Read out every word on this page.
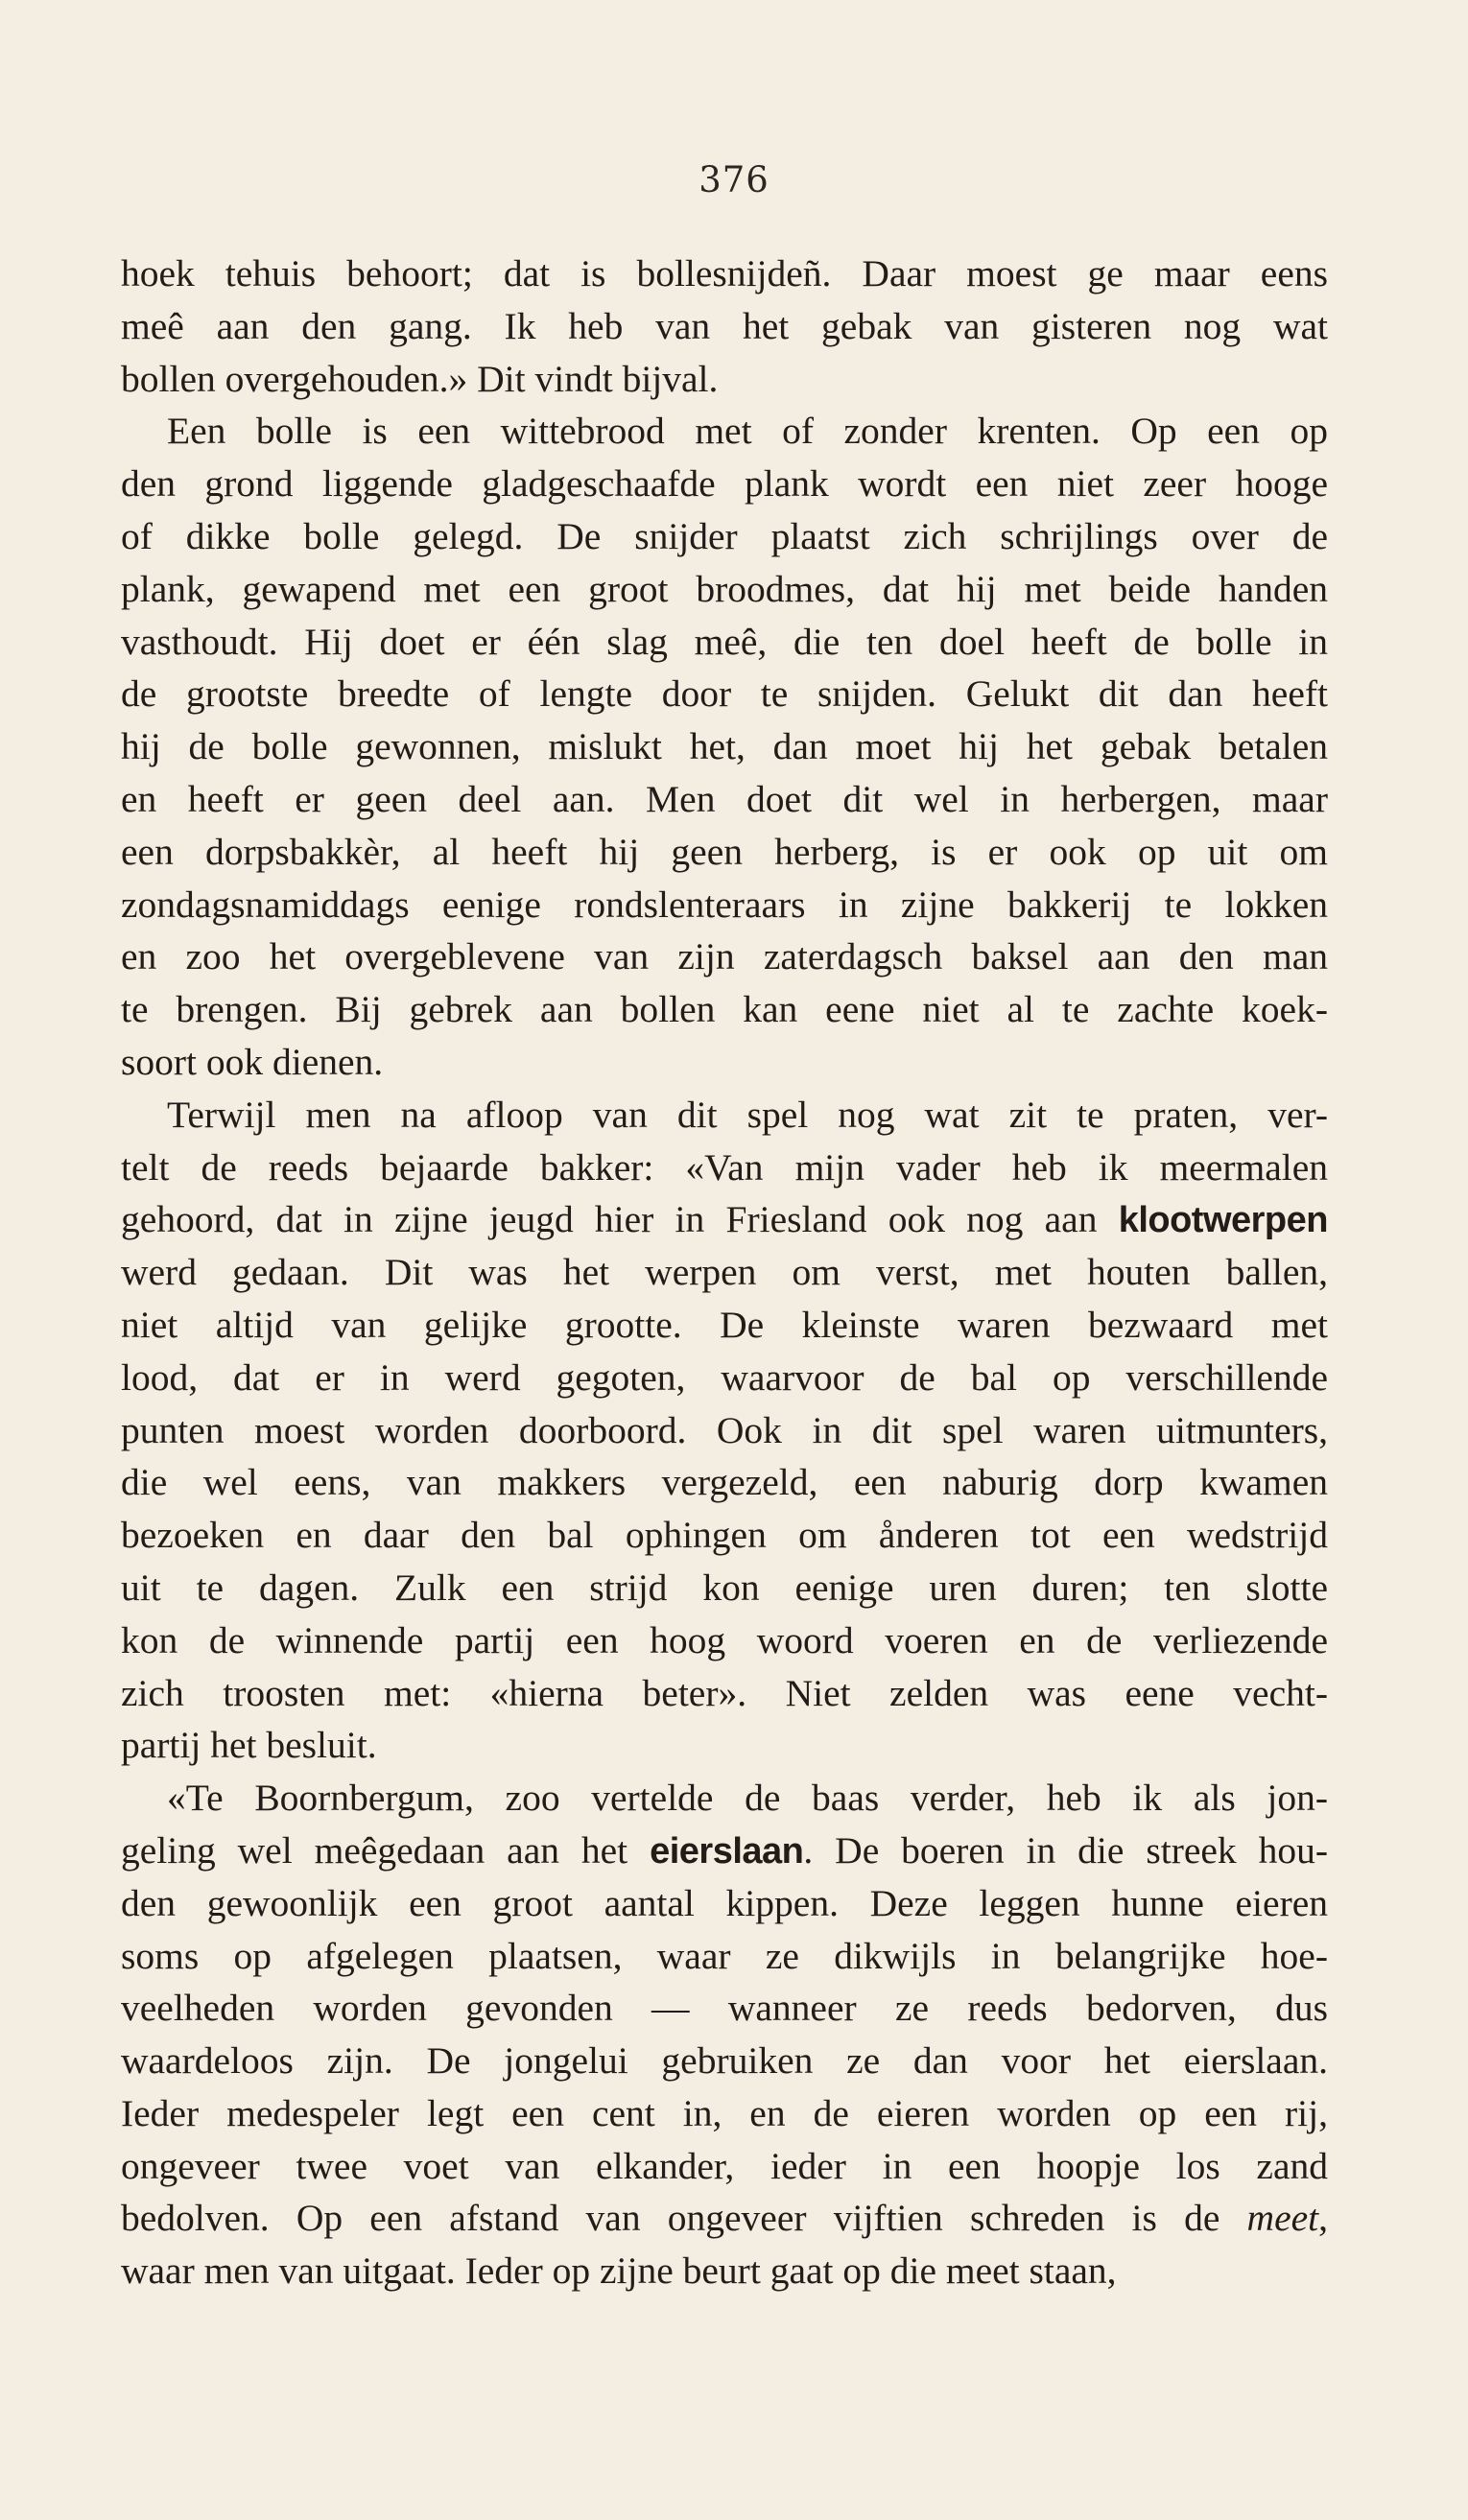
376
hoek tehuis behoort; dat is bollesnijdeñ. Daar moest ge maar eens
meê aan den gang. Ik heb van het gebak van gisteren nog wat
bollen overgehouden.» Dit vindt bijval.
Een bolle is een wittebrood met of zonder krenten. Op een op
den grond liggende gladgeschaafde plank wordt een niet zeer hooge
of dikke bolle gelegd. De snijder plaatst zich schrijlings over de
plank, gewapend met een groot broodmes, dat hij met beide handen
vasthoudt. Hij doet er één slag meê, die ten doel heeft de bolle in
de grootste breedte of lengte door te snijden. Gelukt dit dan heeft
hij de bolle gewonnen, mislukt het, dan moet hij het gebak betalen
en heeft er geen deel aan. Men doet dit wel in herbergen, maar
een dorpsbakkèr, al heeft hij geen herberg, is er ook op uit om
zondagsnamiddags eenige rondslenteraars in zijne bakkerij te lokken
en zoo het overgeblevene van zijn zaterdagsch baksel aan den man
te brengen. Bij gebrek aan bollen kan eene niet al te zachte koek-
soort ook dienen.
Terwijl men na afloop van dit spel nog wat zit te praten, ver-
telt de reeds bejaarde bakker: «Van mijn vader heb ik meermalen
gehoord, dat in zijne jeugd hier in Friesland ook nog aan klootwerpen
werd gedaan. Dit was het werpen om verst, met houten ballen,
niet altijd van gelijke grootte. De kleinste waren bezwaard met
lood, dat er in werd gegoten, waarvoor de bal op verschillende
punten moest worden doorboord. Ook in dit spel waren uitmunters,
die wel eens, van makkers vergezeld, een naburig dorp kwamen
bezoeken en daar den bal ophingen om ånderen tot een wedstrijd
uit te dagen. Zulk een strijd kon eenige uren duren; ten slotte
kon de winnende partij een hoog woord voeren en de verliezende
zich troosten met: «hierna beter». Niet zelden was eene vecht-
partij het besluit.
«Te Boornbergum, zoo vertelde de baas verder, heb ik als jon-
geling wel meêgedaan aan het eierslaan. De boeren in die streek hou-
den gewoonlijk een groot aantal kippen. Deze leggen hunne eieren
soms op afgelegen plaatsen, waar ze dikwijls in belangrijke hoe-
veelheden worden gevonden — wanneer ze reeds bedorven, dus
waardeloos zijn. De jongelui gebruiken ze dan voor het eierslaan.
Ieder medespeler legt een cent in, en de eieren worden op een rij,
ongeveer twee voet van elkander, ieder in een hoopje los zand
bedolven. Op een afstand van ongeveer vijftien schreden is de meet,
waar men van uitgaat. Ieder op zijne beurt gaat op die meet staan,
